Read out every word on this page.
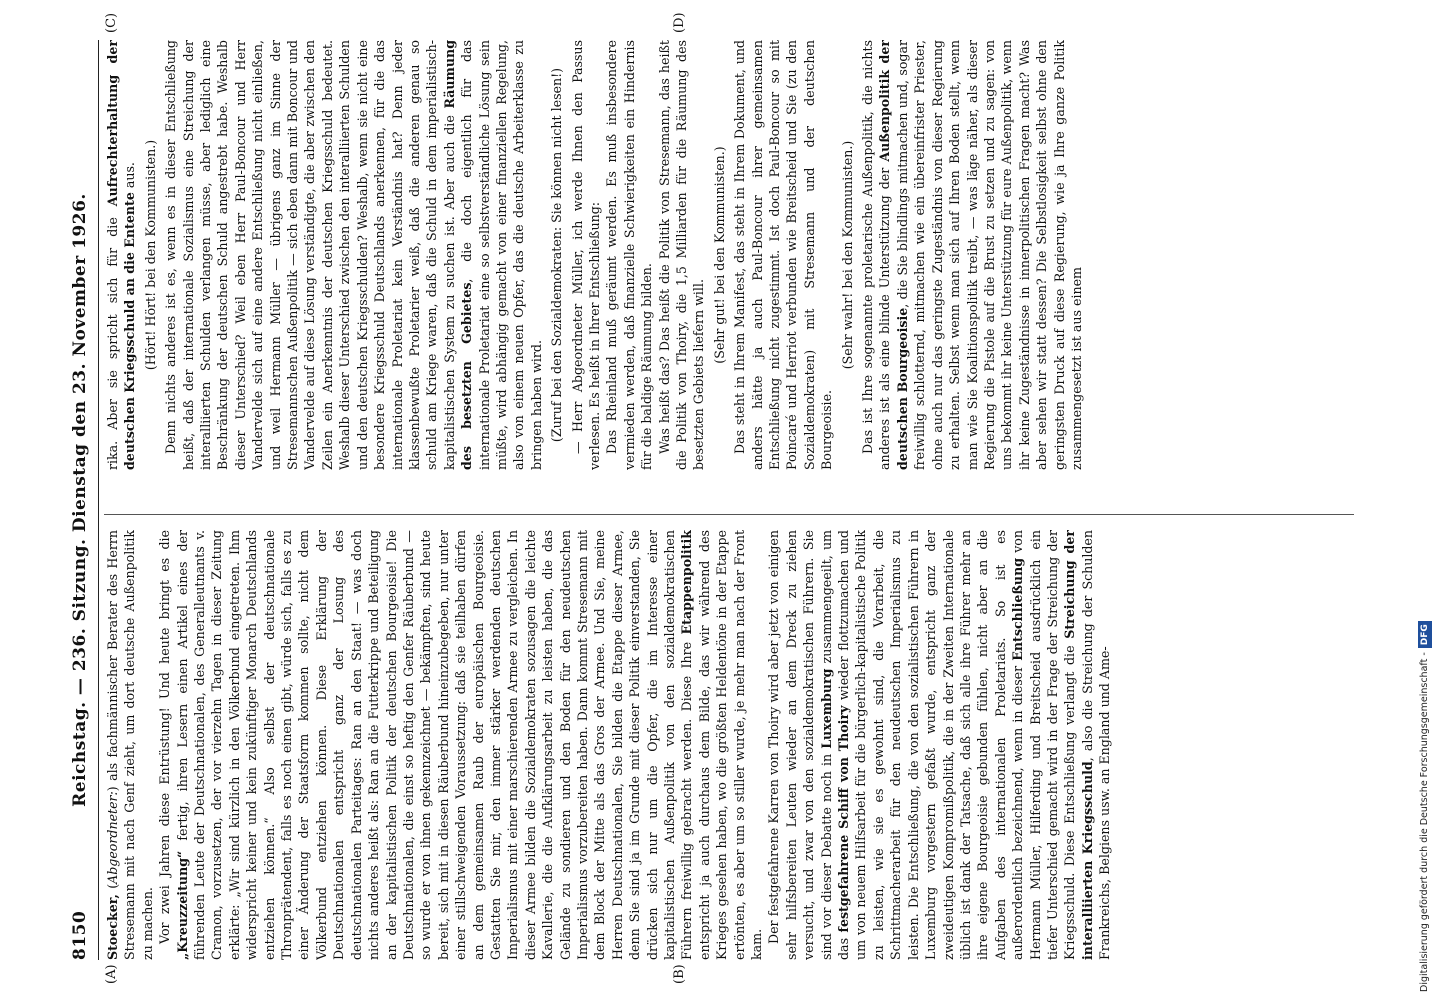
8150
Reichstag. — 236. Sitzung. Dienstag den 23. November 1926.
(A)	(B)
(C)	(D)

Stoecker, (Abgeordneter:) als fachmännischer Berater des Herrn Stresemann mit nach Genf zieht, um dort deutsche Außenpolitik zu machen. Vor zwei Jahren diese Entrüstung! Und heute bringt es die „Kreuzzeitung“ fertig, ihren Lesern einen Artikel eines der führenden Leute der Deutschnationalen, des Generalleutnants v. Cramon, vorzusetzen, der vor vierzehn Tagen in dieser Zeitung erklärte: „Wir sind kürzlich in den Völkerbund eingetreten. Ihm widerspricht keiner und kein zukünftiger Monarch Deutschlands entziehen können.“ Also selbst der deutschnationale Thronprätendent, falls es noch einen gibt, würde sich, falls es zu einer Änderung der Staatsform kommen sollte, nicht dem Völkerbund entziehen können. Diese Erklärung der Deutschnationalen entspricht ganz der Losung des deutschnationalen Parteitages: Ran an den Staat! — was doch nichts anderes heißt als: Ran an die Futterkrippe und Beteiligung an der kapitalistischen Politik der deutschen Bourgeoisie! Die Deutschnationalen, die einst so heftig den Genfer Räuberbund — so wurde er von ihnen gekennzeichnet — bekämpften, sind heute bereit, sich mit in diesen Räuberbund hineinzubegeben, nur unter einer stillschweigenden Voraussetzung: daß sie teilhaben dürfen an dem gemeinsamen Raub der europäischen Bourgeoisie. Gestatten Sie mir, den immer stärker werdenden deutschen Imperialismus mit einer marschierenden Armee zu vergleichen. In dieser Armee bilden die Sozialdemokraten sozusagen die leichte Kavallerie, die die Aufklärungsarbeit zu leisten haben, die das Gelände zu sondieren und den Boden für den neudeutschen Imperialismus vorzubereiten haben. Dann kommt Stresemann mit dem Block der Mitte als das Gros der Armee. Und Sie, meine Herren Deutschnationalen, Sie bilden die Etappe dieser Armee, denn Sie sind ja im Grunde mit dieser Politik einverstanden, Sie drücken sich nur um die Opfer, die im Interesse einer kapitalistischen Außenpolitik von den sozialdemokratischen Führern freiwillig gebracht werden. Diese Ihre Etappenpolitik entspricht ja auch durchaus dem Bilde, das wir während des Krieges gesehen haben, wo die größten Heldentöne in der Etappe ertönten, es aber um so stiller wurde, je mehr man nach der Front kam.

Der festgefahrene Karren von Thoiry wird aber jetzt von einigen sehr hilfsbereiten Leuten wieder an dem Dreck zu ziehen versucht, und zwar von den sozialdemokratischen Führern. Sie sind vor dieser Debatte noch in Luxemburg zusammengeeilt, um das festgefahrene Schiff von Thoiry wieder flottzumachen und um von neuem Hilfsarbeit für die bürgerlich-kapitalistische Politik zu leisten, wie sie es gewohnt sind, die Vorarbeit, die Schrittmacherarbeit für den neudeutschen Imperialismus zu leisten. Die Entschließung, die von den sozialistischen Führern in Luxemburg vorgestern gefaßt wurde, entspricht ganz der zweideutigen Kompromißpolitik, die in der Zweiten Internationale üblich ist dank der Tatsache, daß sich alle ihre Führer mehr an ihre eigene Bourgeoisie gebunden fühlen, nicht aber an die Aufgaben des internationalen Proletariats. So ist es außerordentlich bezeichnend, wenn in dieser Entschließung von Hermann Müller, Hilferding und Breitscheid ausdrücklich ein tiefer Unterschied gemacht wird in der Frage der Streichung der Kriegsschuld. Diese Entschließung verlangt die Streichung der interalliierten Kriegsschuld, also die Streichung der Schulden Frankreichs, Belgiens usw. an England und Ame-

rika. Aber sie spricht sich für die Aufrechterhaltung der deutschen Kriegsschuld an die Entente aus. (Hört! Hört! bei den Kommunisten.) Denn nichts anderes ist es, wenn es in dieser Entschließung heißt, daß der internationale Sozialismus eine Streichung der interalliierten Schulden verlangen müsse, aber lediglich eine Beschränkung der deutschen Schuld angestrebt habe. Weshalb dieser Unterschied? Weil eben Herr Paul-Boncour und Herr Vandervelde sich auf eine andere Entschließung nicht einließen, und weil Hermann Müller — übrigens ganz im Sinne der Stresemannschen Außenpolitik — sich eben dann mit Boncour und Vandervelde auf diese Lösung verständigte, die aber zwischen den Zeilen ein Anerkenntnis der deutschen Kriegsschuld bedeutet. Weshalb dieser Unterschied zwischen den interalliierten Schulden und den deutschen Kriegsschulden? Weshalb, wenn sie nicht eine besondere Kriegsschuld Deutschlands anerkennen, für die das internationale Proletariat kein Verständnis hat? Denn jeder klassenbewußte Proletarier weiß, daß die anderen genau so schuld am Kriege waren, daß die Schuld in dem imperialistisch-kapitalistischen System zu suchen ist. Aber auch die Räumung des besetzten Gebietes, die doch eigentlich für das internationale Proletariat eine so selbstverständliche Lösung sein müßte, wird abhängig gemacht von einer finanziellen Regelung, also von einem neuen Opfer, das die deutsche Arbeiterklasse zu bringen haben wird. (Zuruf bei den Sozialdemokraten: Sie können nicht lesen!) — Herr Abgeordneter Müller, ich werde Ihnen den Passus verlesen. Es heißt in Ihrer Entschließung: Das Rheinland muß geräumt werden. Es muß insbesondere vermieden werden, daß finanzielle Schwierigkeiten ein Hindernis für die baldige Räumung bilden. Was heißt das? Das heißt die Politik von Stresemann, das heißt die Politik von Thoiry, die 1,5 Milliarden für die Räumung des besetzten Gebiets liefern will.

(Sehr gut! bei den Kommunisten.) Das steht in Ihrem Manifest, das steht in Ihrem Dokument, und anders hätte ja auch Paul-Boncour ihrer gemeinsamen Entschließung nicht zugestimmt. Ist doch Paul-Boncour so mit Poincaré und Herriot verbunden wie Breitscheid und Sie (zu den Sozialdemokraten) mit Stresemann und der deutschen Bourgeoisie.

(Sehr wahr! bei den Kommunisten.) Das ist Ihre sogenannte proletarische Außenpolitik, die nichts anderes ist als eine blinde Unterstützung der Außenpolitik der deutschen Bourgeoisie, die Sie blindlings mitmachen und, sogar freiwillig schlotternd, mitmachen wie ein übereinfrister Priester, ohne auch nur das geringste Zugeständnis von dieser Regierung zu erhalten. Selbst wenn man sich auf Ihren Boden stellt, wenn man wie Sie Koalitionspolitik treibt, — was läge näher, als dieser Regierung die Pistole auf die Brust zu setzen und zu sagen: von uns bekommt ihr keine Unterstützung für eure Außenpolitik, wenn ihr keine Zugeständnisse in innerpolitischen Fragen macht? Was aber sehen wir statt dessen? Die Selbstlosigkeit selbst ohne den geringsten Druck auf diese Regierung, wie ja Ihre ganze Politik zusammengesetzt ist aus einem

Digitalisierung gefördert durch die Deutsche Forschungsgemeinschaft -DFG
